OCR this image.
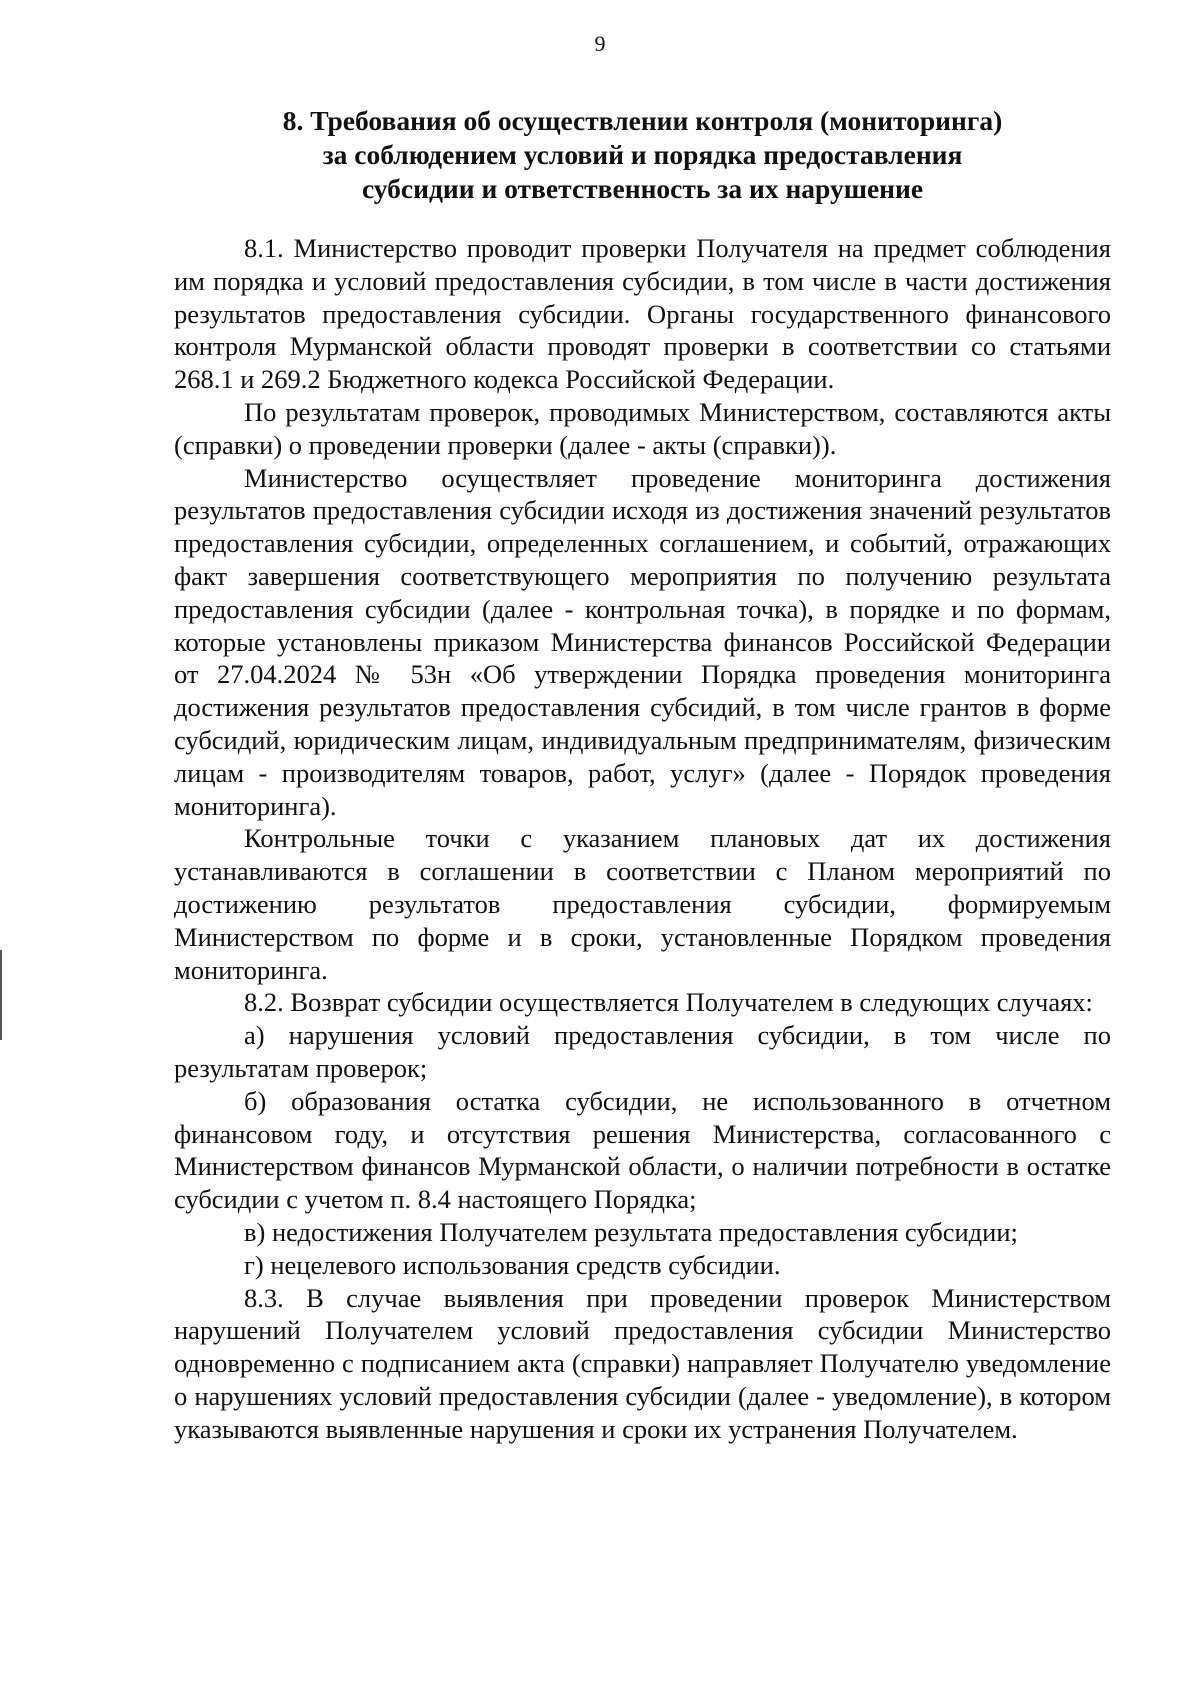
9
8. Требования об осуществлении контроля (мониторинга)
за соблюдением условий и порядка предоставления
субсидии и ответственность за их нарушение

8.1. Министерство проводит проверки Получателя на предмет соблюдения им порядка и условий предоставления субсидии, в том числе в части достижения результатов предоставления субсидии. Органы государственного финансового контроля Мурманской области проводят проверки в соответствии со статьями 268.1 и 269.2 Бюджетного кодекса Российской Федерации.

По результатам проверок, проводимых Министерством, составляются акты (справки) о проведении проверки (далее - акты (справки)).

Министерство осуществляет проведение мониторинга достижения результатов предоставления субсидии исходя из достижения значений результатов предоставления субсидии, определенных соглашением, и событий, отражающих факт завершения соответствующего мероприятия по получению результата предоставления субсидии (далее - контрольная точка), в порядке и по формам, которые установлены приказом Министерства финансов Российской Федерации от 27.04.2024 № 53н «Об утверждении Порядка проведения мониторинга достижения результатов предоставления субсидий, в том числе грантов в форме субсидий, юридическим лицам, индивидуальным предпринимателям, физическим лицам - производителям товаров, работ, услуг» (далее - Порядок проведения мониторинга).

Контрольные точки с указанием плановых дат их достижения устанавливаются в соглашении в соответствии с Планом мероприятий по достижению результатов предоставления субсидии, формируемым Министерством по форме и в сроки, установленные Порядком проведения мониторинга.

8.2. Возврат субсидии осуществляется Получателем в следующих случаях:

а) нарушения условий предоставления субсидии, в том числе по результатам проверок;

б) образования остатка субсидии, не использованного в отчетном финансовом году, и отсутствия решения Министерства, согласованного с Министерством финансов Мурманской области, о наличии потребности в остатке субсидии с учетом п. 8.4 настоящего Порядка;

в) недостижения Получателем результата предоставления субсидии;

г) нецелевого использования средств субсидии.

8.3. В случае выявления при проведении проверок Министерством нарушений Получателем условий предоставления субсидии Министерство одновременно с подписанием акта (справки) направляет Получателю уведомление о нарушениях условий предоставления субсидии (далее - уведомление), в котором указываются выявленные нарушения и сроки их устранения Получателем.
